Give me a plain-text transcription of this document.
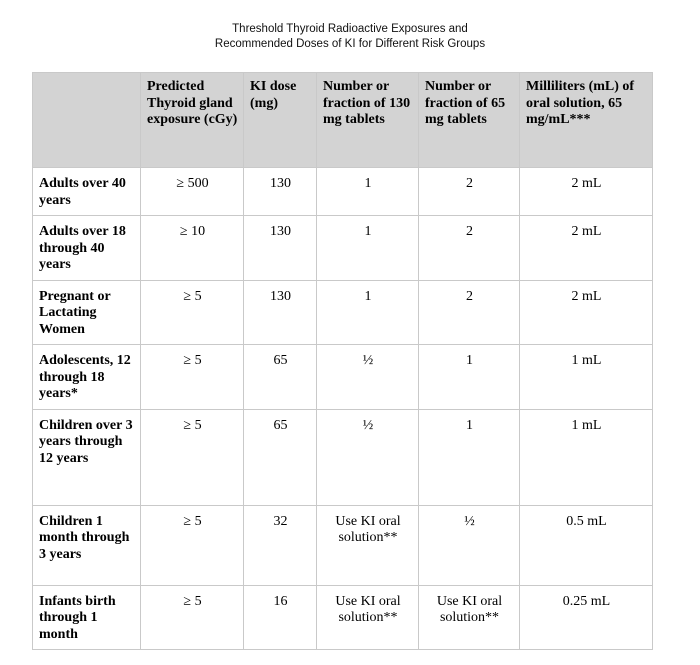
Threshold Thyroid Radioactive Exposures and
Recommended Doses of KI for Different Risk Groups
	Predicted Thyroid gland exposure (cGy)	KI dose (mg)	Number or fraction of 130 mg tablets	Number or fraction of 65 mg tablets	Milliliters (mL) of oral solution, 65 mg/mL***
Adults over 40 years	≥ 500	130	1	2	2 mL
Adults over 18 through 40 years	≥ 10	130	1	2	2 mL
Pregnant or Lactating Women	≥ 5	130	1	2	2 mL
Adolescents, 12 through 18 years*	≥ 5	65	½	1	1 mL
Children over 3 years through 12 years	≥ 5	65	½	1	1 mL
Children 1 month through 3 years	≥ 5	32	Use KI oral solution**	½	0.5 mL
Infants birth through 1 month	≥ 5	16	Use KI oral solution**	Use KI oral solution**	0.25 mL
